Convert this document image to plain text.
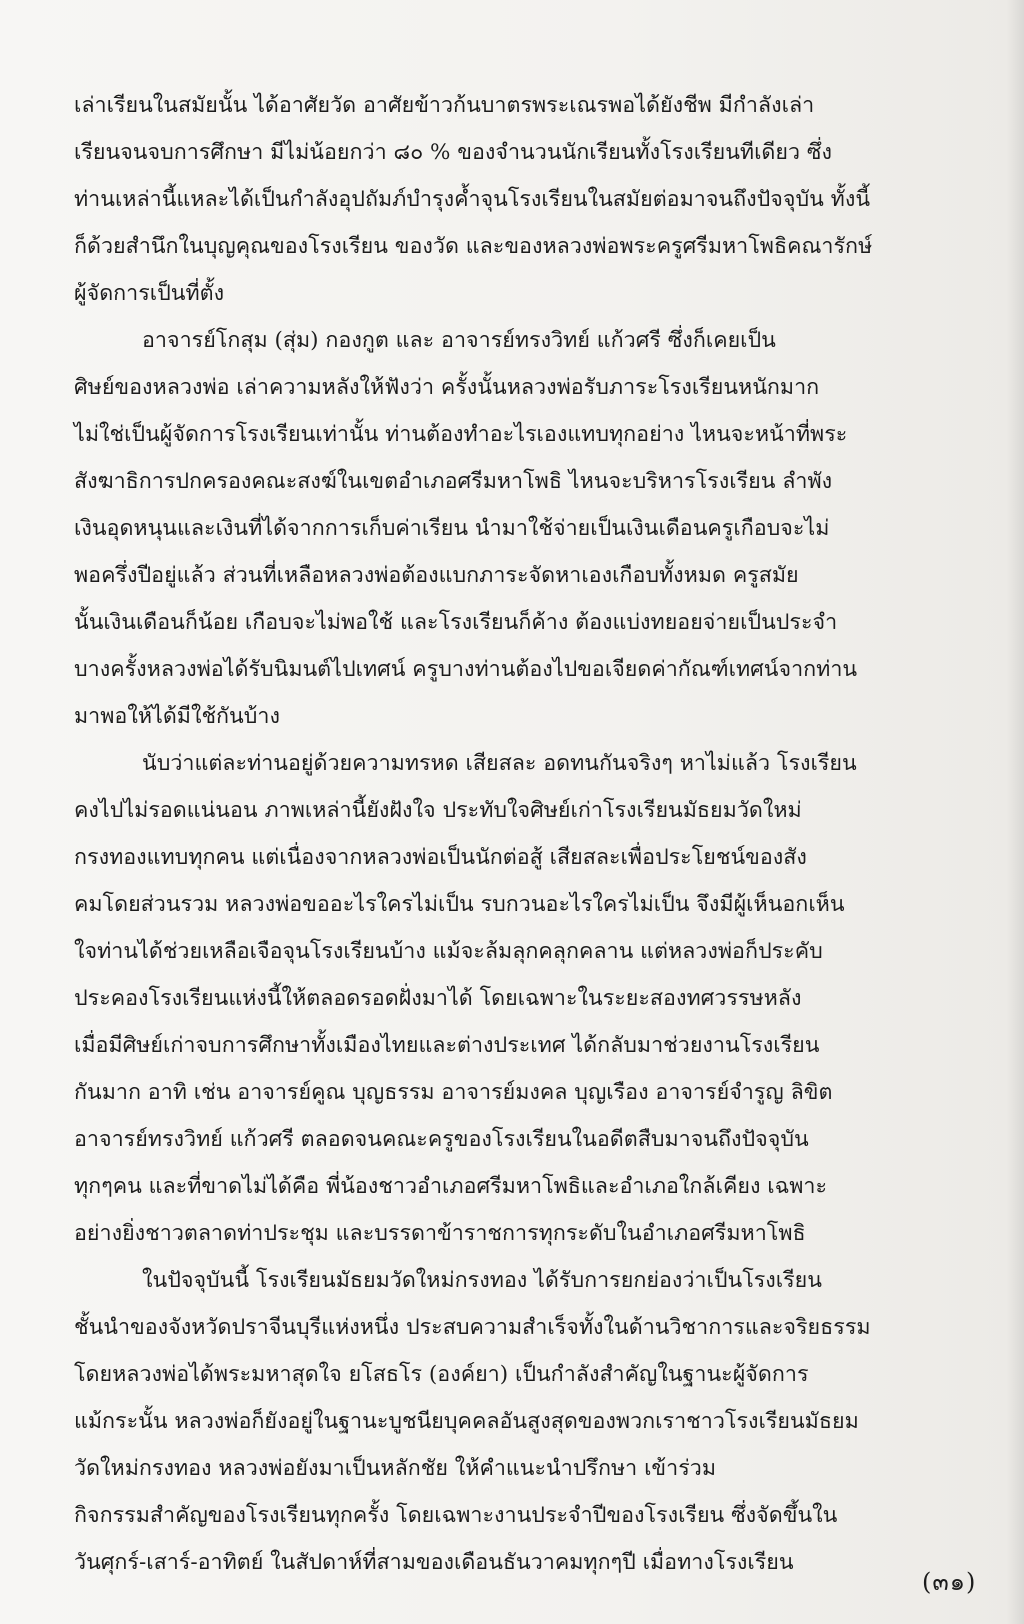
เล่าเรียนในสมัยนั้น ได้อาศัยวัด อาศัยข้าวก้นบาตรพระเณรพอได้ยังชีพ มีกำลังเล่า
เรียนจนจบการศึกษา มีไม่น้อยกว่า ๘๐ % ของจำนวนนักเรียนทั้งโรงเรียนทีเดียว ซึ่ง
ท่านเหล่านี้แหละได้เป็นกำลังอุปถัมภ์บำรุงค้ำจุนโรงเรียนในสมัยต่อมาจนถึงปัจจุบัน ทั้งนี้
ก็ด้วยสำนึกในบุญคุณของโรงเรียน ของวัด และของหลวงพ่อพระครูศรีมหาโพธิคณารักษ์
ผู้จัดการเป็นที่ตั้ง
อาจารย์โกสุม (สุ่ม) กองกูต และ อาจารย์ทรงวิทย์ แก้วศรี ซึ่งก็เคยเป็น
ศิษย์ของหลวงพ่อ เล่าความหลังให้ฟังว่า ครั้งนั้นหลวงพ่อรับภาระโรงเรียนหนักมาก
ไม่ใช่เป็นผู้จัดการโรงเรียนเท่านั้น ท่านต้องทำอะไรเองแทบทุกอย่าง ไหนจะหน้าที่พระ
สังฆาธิการปกครองคณะสงฆ์ในเขตอำเภอศรีมหาโพธิ ไหนจะบริหารโรงเรียน ลำพัง
เงินอุดหนุนและเงินที่ได้จากการเก็บค่าเรียน นำมาใช้จ่ายเป็นเงินเดือนครูเกือบจะไม่
พอครึ่งปีอยู่แล้ว ส่วนที่เหลือหลวงพ่อต้องแบกภาระจัดหาเองเกือบทั้งหมด ครูสมัย
นั้นเงินเดือนก็น้อย เกือบจะไม่พอใช้ และโรงเรียนก็ค้าง ต้องแบ่งทยอยจ่ายเป็นประจำ
บางครั้งหลวงพ่อได้รับนิมนต์ไปเทศน์ ครูบางท่านต้องไปขอเจียดค่ากัณฑ์เทศน์จากท่าน
มาพอให้ได้มีใช้กันบ้าง
นับว่าแต่ละท่านอยู่ด้วยความทรหด เสียสละ อดทนกันจริงๆ หาไม่แล้ว โรงเรียน
คงไปไม่รอดแน่นอน ภาพเหล่านี้ยังฝังใจ ประทับใจศิษย์เก่าโรงเรียนมัธยมวัดใหม่
กรงทองแทบทุกคน แต่เนื่องจากหลวงพ่อเป็นนักต่อสู้ เสียสละเพื่อประโยชน์ของสัง
คมโดยส่วนรวม หลวงพ่อขออะไรใครไม่เป็น รบกวนอะไรใครไม่เป็น จึงมีผู้เห็นอกเห็น
ใจท่านได้ช่วยเหลือเจือจุนโรงเรียนบ้าง แม้จะล้มลุกคลุกคลาน แต่หลวงพ่อก็ประคับ
ประคองโรงเรียนแห่งนี้ให้ตลอดรอดฝั่งมาได้ โดยเฉพาะในระยะสองทศวรรษหลัง
เมื่อมีศิษย์เก่าจบการศึกษาทั้งเมืองไทยและต่างประเทศ ได้กลับมาช่วยงานโรงเรียน
กันมาก อาทิ เช่น อาจารย์คูณ บุญธรรม อาจารย์มงคล บุญเรือง อาจารย์จำรูญ ลิขิต
อาจารย์ทรงวิทย์ แก้วศรี ตลอดจนคณะครูของโรงเรียนในอดีตสืบมาจนถึงปัจจุบัน
ทุกๆคน และที่ขาดไม่ได้คือ พี่น้องชาวอำเภอศรีมหาโพธิและอำเภอใกล้เคียง เฉพาะ
อย่างยิ่งชาวตลาดท่าประชุม และบรรดาข้าราชการทุกระดับในอำเภอศรีมหาโพธิ
ในปัจจุบันนี้ โรงเรียนมัธยมวัดใหม่กรงทอง ได้รับการยกย่องว่าเป็นโรงเรียน
ชั้นนำของจังหวัดปราจีนบุรีแห่งหนึ่ง ประสบความสำเร็จทั้งในด้านวิชาการและจริยธรรม
โดยหลวงพ่อได้พระมหาสุดใจ ยโสธโร (องค์ยา) เป็นกำลังสำคัญในฐานะผู้จัดการ
แม้กระนั้น หลวงพ่อก็ยังอยู่ในฐานะบูชนียบุคคลอันสูงสุดของพวกเราชาวโรงเรียนมัธยม
วัดใหม่กรงทอง หลวงพ่อยังมาเป็นหลักชัย ให้คำแนะนำปรึกษา เข้าร่วม
กิจกรรมสำคัญของโรงเรียนทุกครั้ง โดยเฉพาะงานประจำปีของโรงเรียน ซึ่งจัดขึ้นใน
วันศุกร์-เสาร์-อาทิตย์ ในสัปดาห์ที่สามของเดือนธันวาคมทุกๆปี เมื่อทางโรงเรียน
(๓๑)
